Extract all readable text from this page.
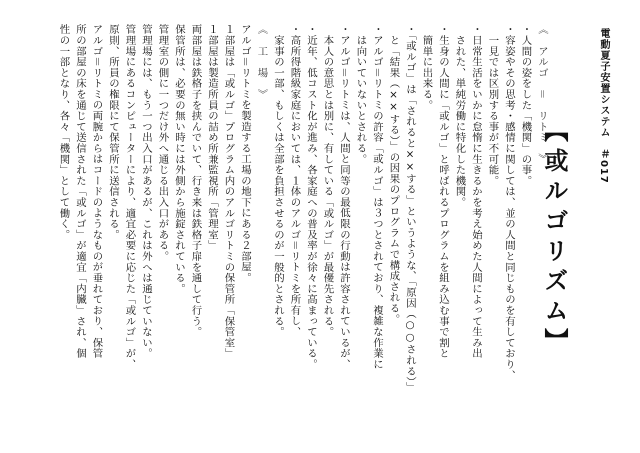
電動夏子安置システム　＃017
【或ルゴリズム】

《　アルゴ　＝　リトミ　》

・人間の姿をした「機関」の事。

・容姿やその思考・感情に関しては、並の人間と同じものを有しており、

　一見では区別する事が不可能。

・日常生活をいかに怠惰に生きるかを考え始めた人間によって生み出

　された、単純労働に特化した機関。

・生身の人間に「或ルゴ」と呼ばれるプログラムを組み込む事で割と

　簡単に出来る。

・「或ルゴ」は「されると××する」というような、「原因（○○される）」

　と「結果（××する）」の因果のプログラムで構成される。

・アルゴ＝リトミの許容「或ルゴ」は３つとされており、複雑な作業に

　は向いていないとされる。

・アルゴ＝リトミは、人間と同等の最低限の行動は許容されているが、

　本人の意思とは別に、有している「或ルゴ」が最優先される。

・近年、低コスト化が進み、各家庭への普及率が徐々に高まっている。

・高所得階級家庭においては、１体のアルゴ＝リトミを所有し、

　家事の一部、もしくは全部を負担させるのが一般的とされる。

《　工　場　》

アルゴ＝リトミを製造する工場の地下にある２部屋。

１部屋は「或ルゴ」プログラム内のアルゴリトミの保管所「保管室」

１部屋は製造所員の詰め所兼監視所「管理室」

両部屋は鉄格子を挟んでいて、行き来は鉄格子扉を通して行う。

保管所は、必要の無い時には外側から施錠されている。

管理室の側に一つだけ外へ通じる出入口がある。

管理場には、もう一つ出入口があるが、これは外へは通じていない。

管理場にあるコンピューターにより、適宜必要に応じた「或ルゴ」が、

原則、所員の権限にて保管所に送信される。

アルゴ＝リトミの両腕からはコードのようなものが垂れており、保管

所の部屋の床を通じて送信された「或ルゴ」が適宜「内臓」され、個

性の一部となり、各々「機関」として働く。
